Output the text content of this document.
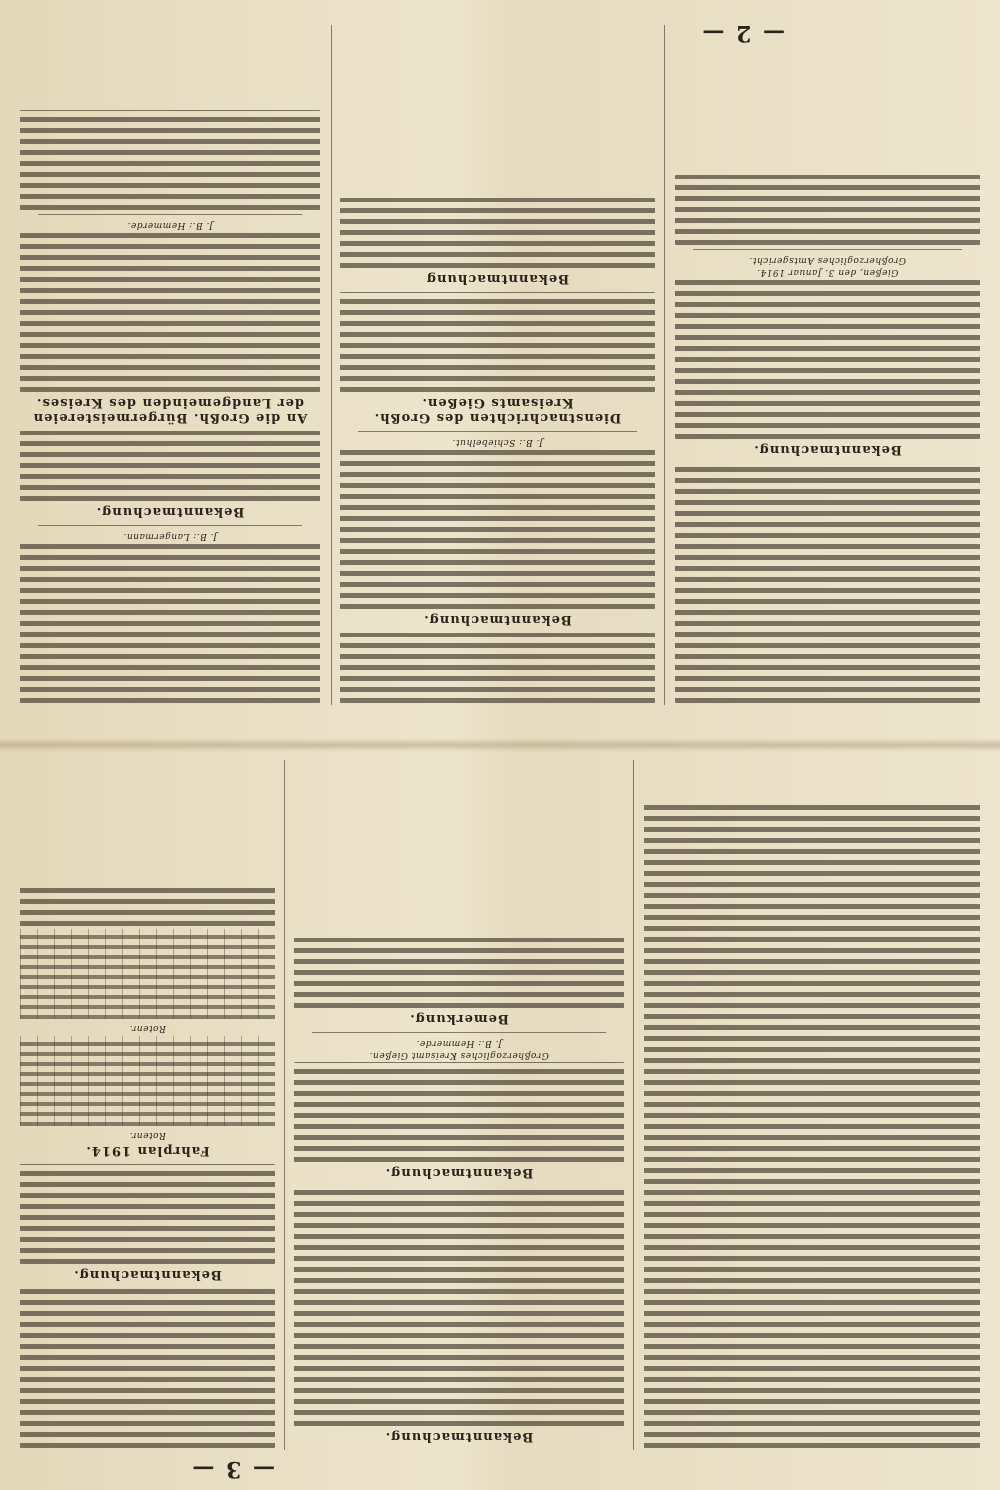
— 2 —
— 3 —
J. B.: Langermann.
Bekanntmachung.
An die Großh. Bürgermeistereien der Landgemeinden des Kreises.
J. B.: Hemmerde.
Bekanntmachung.
J. B.: Schiebelhut.
Dienstnachrichten des Großh. Kreisamts Gießen.
Bekanntmachung
Bekanntmachung.
Gießen, den 3. Januar 1914.
Großherzogliches Amtsgericht.
Bekanntmachung.
Bekanntmachung.
Großherzogliches Kreisamt Gießen.
J. B.: Hemmerde.
Bemerkung.
Bekanntmachung.
Fahrplan 1914.
Rotenr.
Rotenr.
